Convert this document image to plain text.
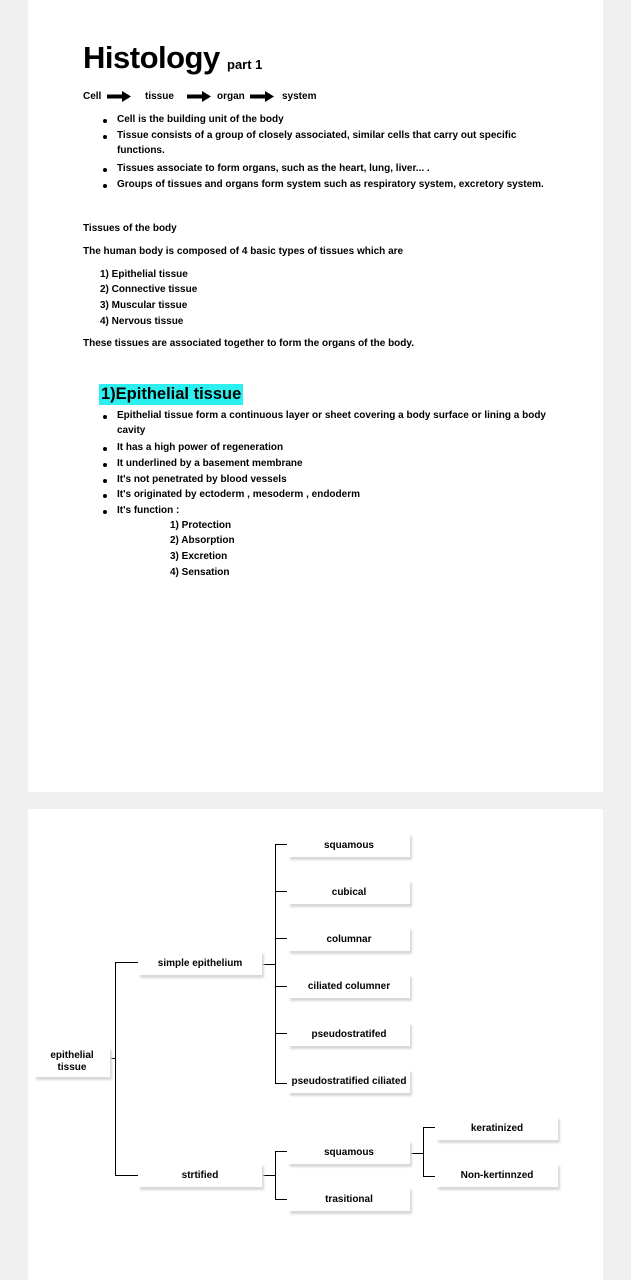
Histology part 1
Cell	tissue	organ	system
Cell is the building unit of the body
Tissue consists of a group of closely associated, similar cells that carry out specific
functions.
Tissues associate to form organs, such as the heart, lung, liver... .
Groups of tissues and organs form system such as respiratory system, excretory system.
Tissues of the body
The human body is composed of 4 basic types of tissues which are
1) Epithelial tissue
2) Connective tissue
3) Muscular tissue
4) Nervous tissue
These tissues are associated together to form the organs of the body.
1)Epithelial tissue
Epithelial tissue form a continuous layer or sheet covering a body surface or lining a body
cavity
It has a high power of regeneration
It underlined by a basement membrane
It's not penetrated by blood vessels
It's originated by ectoderm , mesoderm , endoderm
It's function :
1) Protection
2) Absorption
3) Excretion
4) Sensation
epithelial tissue
simple epithelium
strtified
squamous
cubical
columnar
ciliated columner
pseudostratifed
pseudostratified ciliated
squamous
trasitional
keratinized
Non-kertinnzed
